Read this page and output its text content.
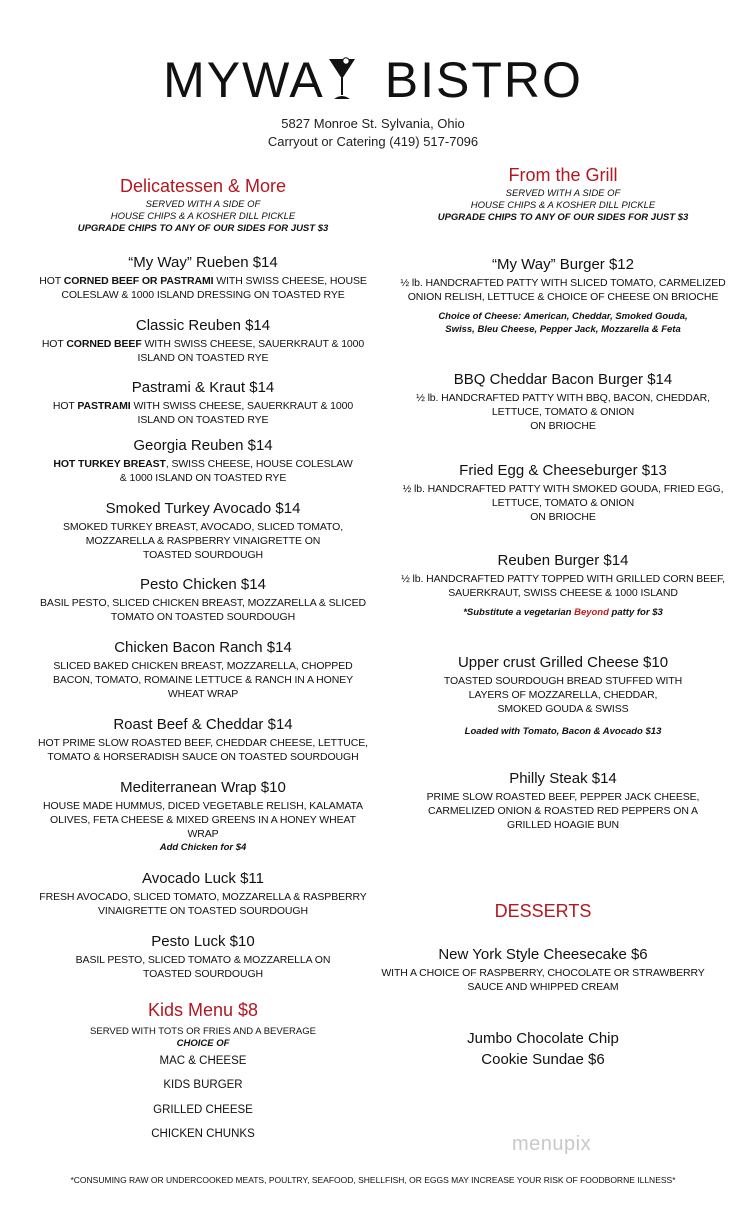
MYWA BISTRO
5827 Monroe St. Sylvania, Ohio
Carryout or Catering (419) 517-7096
Delicatessen & More
SERVED WITH A SIDE OF
HOUSE CHIPS & A KOSHER DILL PICKLE
UPGRADE CHIPS TO ANY OF OUR SIDES FOR JUST $3
“My Way” Rueben $14
HOT CORNED BEEF OR PASTRAMI WITH SWISS CHEESE, HOUSE
COLESLAW & 1000 ISLAND DRESSING ON TOASTED RYE
Classic Reuben $14
HOT CORNED BEEF WITH SWISS CHEESE, SAUERKRAUT & 1000
ISLAND ON TOASTED RYE
Pastrami & Kraut $14
HOT PASTRAMI WITH SWISS CHEESE, SAUERKRAUT & 1000
ISLAND ON TOASTED RYE
Georgia Reuben $14
HOT TURKEY BREAST, SWISS CHEESE, HOUSE COLESLAW
& 1000 ISLAND ON TOASTED RYE
Smoked Turkey Avocado $14
SMOKED TURKEY BREAST, AVOCADO, SLICED TOMATO,
MOZZARELLA & RASPBERRY VINAIGRETTE ON
TOASTED SOURDOUGH
Pesto Chicken $14
BASIL PESTO, SLICED CHICKEN BREAST, MOZZARELLA & SLICED
TOMATO ON TOASTED SOURDOUGH
Chicken Bacon Ranch $14
SLICED BAKED CHICKEN BREAST, MOZZARELLA, CHOPPED
BACON, TOMATO, ROMAINE LETTUCE & RANCH IN A HONEY
WHEAT WRAP
Roast Beef & Cheddar $14
HOT PRIME SLOW ROASTED BEEF, CHEDDAR CHEESE, LETTUCE,
TOMATO & HORSERADISH SAUCE ON TOASTED SOURDOUGH
Mediterranean Wrap $10
HOUSE MADE HUMMUS, DICED VEGETABLE RELISH, KALAMATA
OLIVES, FETA CHEESE & MIXED GREENS IN A HONEY WHEAT
WRAP
Add Chicken for $4
Avocado Luck $11
FRESH AVOCADO, SLICED TOMATO, MOZZARELLA & RASPBERRY
VINAIGRETTE ON TOASTED SOURDOUGH
Pesto Luck $10
BASIL PESTO, SLICED TOMATO & MOZZARELLA ON
TOASTED SOURDOUGH
Kids Menu $8
SERVED WITH TOTS OR FRIES AND A BEVERAGE
CHOICE OF
MAC & CHEESE
KIDS BURGER
GRILLED CHEESE
CHICKEN CHUNKS
From the Grill
SERVED WITH A SIDE OF
HOUSE CHIPS & A KOSHER DILL PICKLE
UPGRADE CHIPS TO ANY OF OUR SIDES FOR JUST $3
“My Way” Burger $12
½ lb. HANDCRAFTED PATTY WITH SLICED TOMATO, CARMELIZED
ONION RELISH, LETTUCE & CHOICE OF CHEESE ON BRIOCHE
Choice of Cheese: American, Cheddar, Smoked Gouda,
Swiss, Bleu Cheese, Pepper Jack, Mozzarella & Feta
BBQ Cheddar Bacon Burger $14
½ lb. HANDCRAFTED PATTY WITH BBQ, BACON, CHEDDAR,
LETTUCE, TOMATO & ONION
ON BRIOCHE
Fried Egg & Cheeseburger $13
½ lb. HANDCRAFTED PATTY WITH SMOKED GOUDA, FRIED EGG,
LETTUCE, TOMATO & ONION
ON BRIOCHE
Reuben Burger $14
½ lb. HANDCRAFTED PATTY TOPPED WITH GRILLED CORN BEEF,
SAUERKRAUT, SWISS CHEESE & 1000 ISLAND
*Substitute a vegetarian Beyond patty for $3
Upper crust Grilled Cheese $10
TOASTED SOURDOUGH BREAD STUFFED WITH
LAYERS OF MOZZARELLA, CHEDDAR,
SMOKED GOUDA & SWISS
Loaded with Tomato, Bacon & Avocado $13
Philly Steak $14
PRIME SLOW ROASTED BEEF, PEPPER JACK CHEESE,
CARMELIZED ONION & ROASTED RED PEPPERS ON A
GRILLED HOAGIE BUN
DESSERTS
New York Style Cheesecake $6
WITH A CHOICE OF RASPBERRY, CHOCOLATE OR STRAWBERRY
SAUCE AND WHIPPED CREAM
Jumbo Chocolate Chip
Cookie Sundae $6
menupix
*CONSUMING RAW OR UNDERCOOKED MEATS, POULTRY, SEAFOOD, SHELLFISH, OR EGGS MAY INCREASE YOUR RISK OF FOODBORNE ILLNESS*
